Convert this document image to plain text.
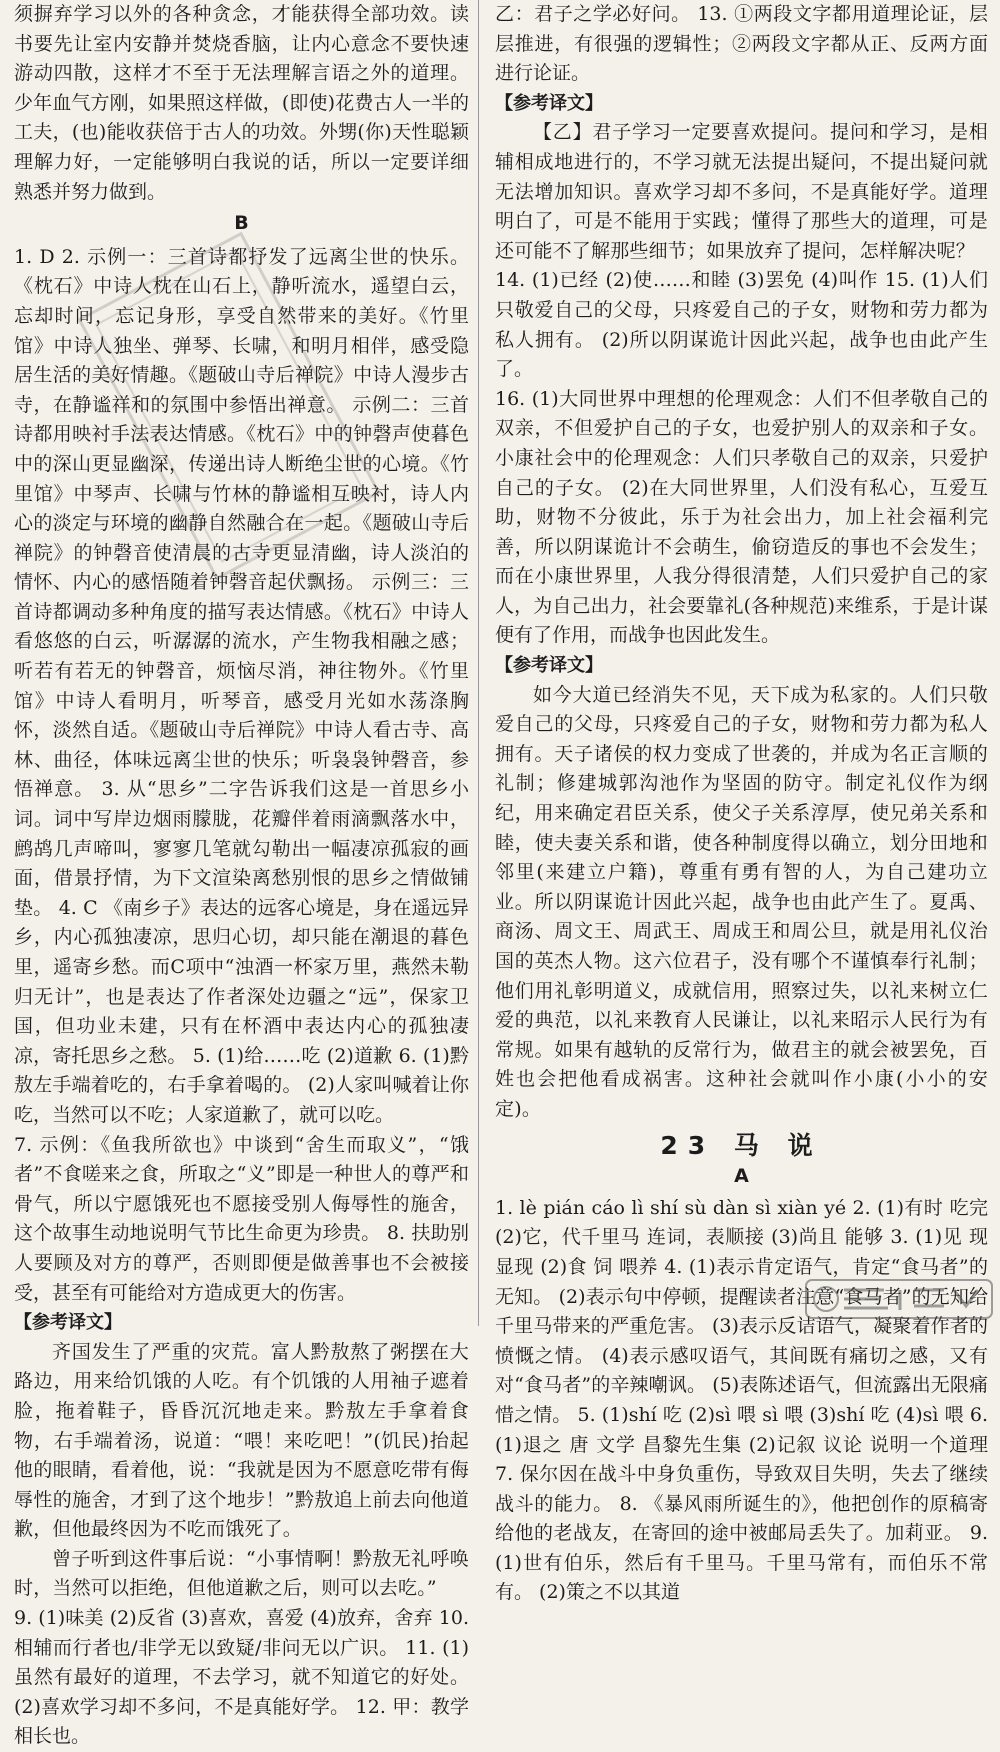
须摒弃学习以外的各种贪念，才能获得全部功效。读书要先让室内安静并焚烧香脑，让内心意念不要快速游动四散，这样才不至于无法理解言语之外的道理。少年血气方刚，如果照这样做，(即使)花费古人一半的工夫，(也)能收获倍于古人的功效。外甥(你)天性聪颖理解力好，一定能够明白我说的话，所以一定要详细熟悉并努力做到。

B

1. D 2. 示例一：三首诗都抒发了远离尘世的快乐。《枕石》中诗人枕在山石上，静听流水，遥望白云，忘却时间，忘记身形，享受自然带来的美好。《竹里馆》中诗人独坐、弹琴、长啸，和明月相伴，感受隐居生活的美好情趣。《题破山寺后禅院》中诗人漫步古寺，在静谧祥和的氛围中参悟出禅意。 示例二：三首诗都用映衬手法表达情感。《枕石》中的钟磬声使暮色中的深山更显幽深，传递出诗人断绝尘世的心境。《竹里馆》中琴声、长啸与竹林的静谧相互映衬，诗人内心的淡定与环境的幽静自然融合在一起。《题破山寺后禅院》的钟磬音使清晨的古寺更显清幽，诗人淡泊的情怀、内心的感悟随着钟磬音起伏飘扬。 示例三：三首诗都调动多种角度的描写表达情感。《枕石》中诗人看悠悠的白云，听潺潺的流水，产生物我相融之感；听若有若无的钟磬音，烦恼尽消，神往物外。《竹里馆》中诗人看明月，听琴音，感受月光如水荡涤胸怀，淡然自适。《题破山寺后禅院》中诗人看古寺、高林、曲径，体味远离尘世的快乐；听袅袅钟磬音，参悟禅意。 3. 从“思乡”二字告诉我们这是一首思乡小词。词中写岸边烟雨朦胧，花瓣伴着雨滴飘落水中，鹧鸪几声啼叫，寥寥几笔就勾勒出一幅凄凉孤寂的画面，借景抒情，为下文渲染离愁别恨的思乡之情做铺垫。 4. C 《南乡子》表达的远客心境是，身在遥远异乡，内心孤独凄凉，思归心切，却只能在潮退的暮色里，遥寄乡愁。而C项中“浊酒一杯家万里，燕然未勒归无计”，也是表达了作者深处边疆之“远”，保家卫国，但功业未建，只有在杯酒中表达内心的孤独凄凉，寄托思乡之愁。 5. (1)给……吃 (2)道歉 6. (1)黔敖左手端着吃的，右手拿着喝的。 (2)人家叫喊着让你吃，当然可以不吃；人家道歉了，就可以吃。

7. 示例：《鱼我所欲也》中谈到“舍生而取义”，“饿者”不食嗟来之食，所取之“义”即是一种世人的尊严和骨气，所以宁愿饿死也不愿接受别人侮辱性的施舍，这个故事生动地说明气节比生命更为珍贵。 8. 扶助别人要顾及对方的尊严，否则即便是做善事也不会被接受，甚至有可能给对方造成更大的伤害。

【 参考译文 】

齐国发生了严重的灾荒。富人黔敖熬了粥摆在大路边，用来给饥饿的人吃。有个饥饿的人用袖子遮着脸，拖着鞋子，昏昏沉沉地走来。黔敖左手拿着食物，右手端着汤，说道：“喂！来吃吧！”(饥民)抬起他的眼睛，看着他，说：“我就是因为不愿意吃带有侮辱性的施舍，才到了这个地步！”黔敖追上前去向他道歉，但他最终因为不吃而饿死了。

曾子听到这件事后说：“小事情啊！黔敖无礼呼唤时，当然可以拒绝，但他道歉之后，则可以去吃。”

9. (1)味美 (2)反省 (3)喜欢，喜爱 (4)放弃，舍弃 10. 相辅而行者也/非学无以致疑/非问无以广识。 11. (1)虽然有最好的道理，不去学习，就不知道它的好处。 (2)喜欢学习却不多问，不是真能好学。 12. 甲：教学相长也。

乙：君子之学必好问。 13. ①两段文字都用道理论证，层层推进，有很强的逻辑性；②两段文字都从正、反两方面进行论证。

【 参考译文 】

【乙】君子学习一定要喜欢提问。提问和学习，是相辅相成地进行的，不学习就无法提出疑问，不提出疑问就无法增加知识。喜欢学习却不多问，不是真能好学。道理明白了，可是不能用于实践；懂得了那些大的道理，可是还可能不了解那些细节；如果放弃了提问，怎样解决呢？

14. (1)已经 (2)使……和睦 (3)罢免 (4)叫作 15. (1)人们只敬爱自己的父母，只疼爱自己的子女，财物和劳力都为私人拥有。 (2)所以阴谋诡计因此兴起，战争也由此产生了。

16. (1)大同世界中理想的伦理观念：人们不但孝敬自己的双亲，不但爱护自己的子女，也爱护别人的双亲和子女。小康社会中的伦理观念：人们只孝敬自己的双亲，只爱护自己的子女。 (2)在大同世界里，人们没有私心，互爱互助，财物不分彼此，乐于为社会出力，加上社会福利完善，所以阴谋诡计不会萌生，偷窃造反的事也不会发生；而在小康世界里，人我分得很清楚，人们只爱护自己的家人，为自己出力，社会要靠礼(各种规范)来维系，于是计谋便有了作用，而战争也因此发生。

【 参考译文 】

如今大道已经消失不见，天下成为私家的。人们只敬爱自己的父母，只疼爱自己的子女，财物和劳力都为私人拥有。天子诸侯的权力变成了世袭的，并成为名正言顺的礼制；修建城郭沟池作为坚固的防守。制定礼仪作为纲纪，用来确定君臣关系，使父子关系淳厚，使兄弟关系和睦，使夫妻关系和谐，使各种制度得以确立，划分田地和邻里(来建立户籍)，尊重有勇有智的人，为自己建功立业。所以阴谋诡计因此兴起，战争也由此产生了。夏禹、商汤、周文王、周武王、周成王和周公旦，就是用礼仪治国的英杰人物。这六位君子，没有哪个不谨慎奉行礼制；他们用礼彰明道义，成就信用，照察过失，以礼来树立仁爱的典范，以礼来教育人民谦让，以礼来昭示人民行为有常规。如果有越轨的反常行为，做君主的就会被罢免，百姓也会把他看成祸害。这种社会就叫作小康(小小的安定)。

23 马 说
A

1. lè pián cáo lì shí sù dàn sì xiàn yé 2. (1)有时 吃完 (2)它，代千里马 连词，表顺接 (3)尚且 能够 3. (1)见 现 显现 (2)食 饲 喂养 4. (1)表示肯定语气，肯定“食马者”的无知。 (2)表示句中停顿，提醒读者注意“食马者”的无知给千里马带来的严重危害。 (3)表示反诘语气，凝聚着作者的愤慨之情。 (4)表示感叹语气，其间既有痛切之感，又有对“食马者”的辛辣嘲讽。 (5)表陈述语气，但流露出无限痛惜之情。 5. (1)shí 吃 (2)sì 喂 sì 喂 (3)shí 吃 (4)sì 喂 6. (1)退之 唐 文学 昌黎先生集 (2)记叙 议论 说明一个道理 7. 保尔因在战斗中身负重伤，导致双目失明，失去了继续战斗的能力。 8. 《暴风雨所诞生的》，他把创作的原稿寄给他的老战友，在寄回的途中被邮局丢失了。加莉亚。 9. (1)世有伯乐，然后有千里马。千里马常有，而伯乐不常有。 (2)策之不以其道
